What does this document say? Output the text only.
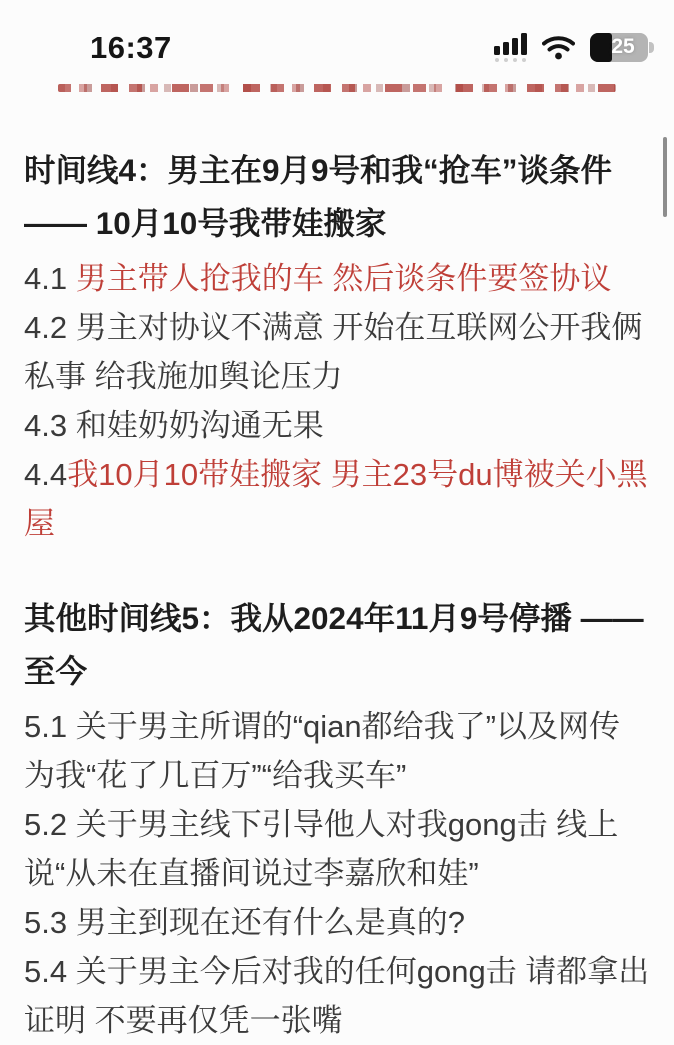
16:37	25
时间线4：男主在9月9号和我“抢车”谈条件 —— 10月10号我带娃搬家

4.1 男主带人抢我的车 然后谈条件要签协议

4.2 男主对协议不满意 开始在互联网公开我俩私事 给我施加舆论压力

4.3 和娃奶奶沟通无果

4.4我10月10带娃搬家 男主23号du博被关小黑屋

其他时间线5：我从2024年11月9号停播 —— 至今

5.1 关于男主所谓的“qian都给我了”以及网传为我“花了几百万”“给我买车”

5.2 关于男主线下引导他人对我gong击 线上说“从未在直播间说过李嘉欣和娃”

5.3 男主到现在还有什么是真的?

5.4 关于男主今后对我的任何gong击 请都拿出证明 不要再仅凭一张嘴
